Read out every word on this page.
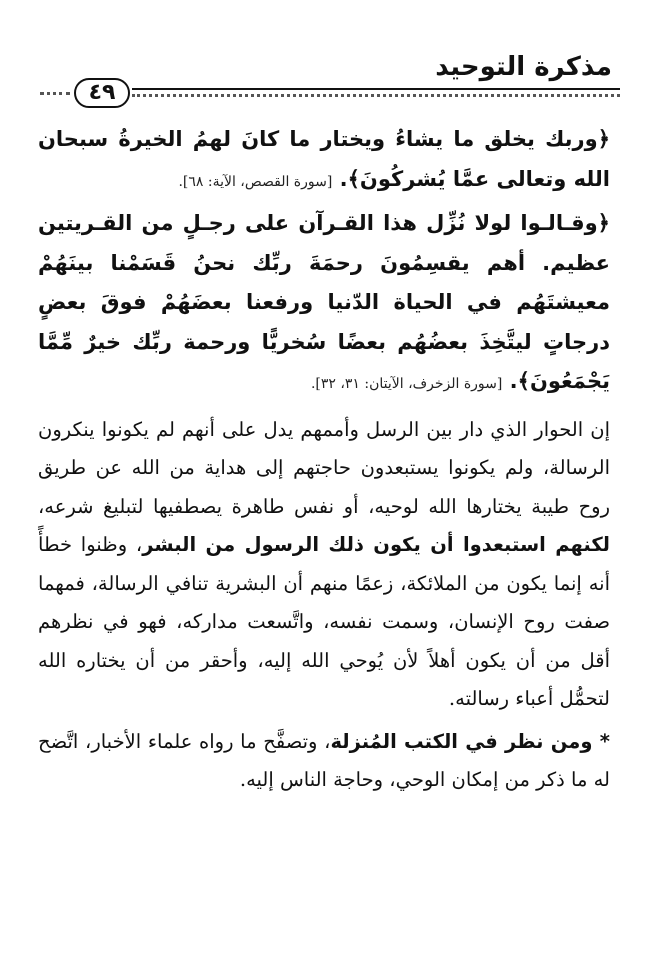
مذكرة التوحيد
٤٩

﴿وربك يخلق ما يشاءُ ويختار ما كانَ لهمُ الخيرةُ سبحان الله وتعالى عمَّا يُشركُونَ﴾. [سورة القصص، الآية: ٦٨].

﴿وقـالـوا لولا نُزِّل هذا القـرآن على رجـلٍ من القـريتين عظيم. أهم يقسِمُونَ رحمَةَ ربِّك نحنُ قَسَمْنا بينَهُمْ معيشتَهُم في الحياة الدّنيا ورفعنا بعضَهُمْ فوقَ بعضٍ درجاتٍ ليتَّخِذَ بعضُهُم بعضًا سُخريًّا ورحمة ربِّك خيرٌ مِّمَّا يَجْمَعُونَ﴾. [سورة الزخرف، الآيتان: ٣١، ٣٢].

إن الحوار الذي دار بين الرسل وأممهم يدل على أنهم لم يكونوا ينكرون الرسالة، ولم يكونوا يستبعدون حاجتهم إلى هداية من الله عن طريق روح طيبة يختارها الله لوحيه، أو نفس طاهرة يصطفيها لتبليغ شرعه، لكنهم استبعدوا أن يكون ذلك الرسول من البشر، وظنوا خطأً أنه إنما يكون من الملائكة، زعمًا منهم أن البشرية تنافي الرسالة، فمهما صفت روح الإنسان، وسمت نفسه، واتَّسعت مداركه، فهو في نظرهم أقل من أن يكون أهلاً لأن يُوحي الله إليه، وأحقر من أن يختاره الله لتحمُّل أعباء رسالته.

* ومن نظر في الكتب المُنزلة، وتصفَّح ما رواه علماء الأخبار، اتَّضح له ما ذكر من إمكان الوحي، وحاجة الناس إليه.
